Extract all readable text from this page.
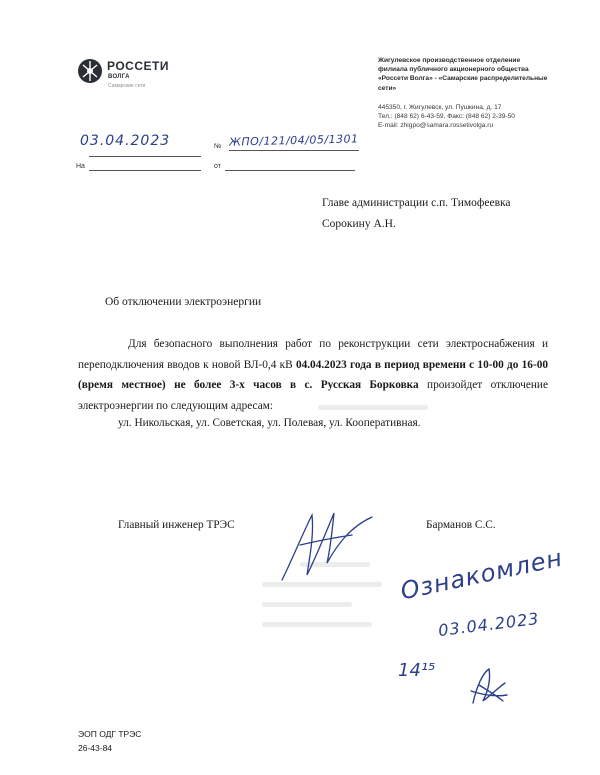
РОССЕТИ
ВОЛГА
Самарские сети
Жигулевское производственное отделение филиала публичного акционерного общества «Россети Волга» - «Самарские распределительные сети»
445350, г. Жигулевск, ул. Пушкина, д. 17
Тел.: (848 62) 6-43-59, Факс: (848 62) 2-39-50
E-mail: zhigpo@samara.rossetivolga.ru
03.04.2023	№ ЖПО/121/04/05/1301
На	от
Главе администрации с.п. Тимофеевка
Сорокину А.Н.
Об отключении электроэнергии
Для безопасного выполнения работ по реконструкции сети электроснабжения и переподключения вводов к новой ВЛ-0,4 кВ 04.04.2023 года в период времени с 10-00 до 16-00 (время местное) не более 3-х часов в с. Русская Борковка произойдет отключение электроэнергии по следующим адресам:
ул. Никольская, ул. Советская, ул. Полевая, ул. Кооперативная.
Главный инженер ТРЭС	Барманов С.С.
Ознакомлен
03.04.2023
14¹⁵
ЭОП ОДГ ТРЭС
26-43-84
